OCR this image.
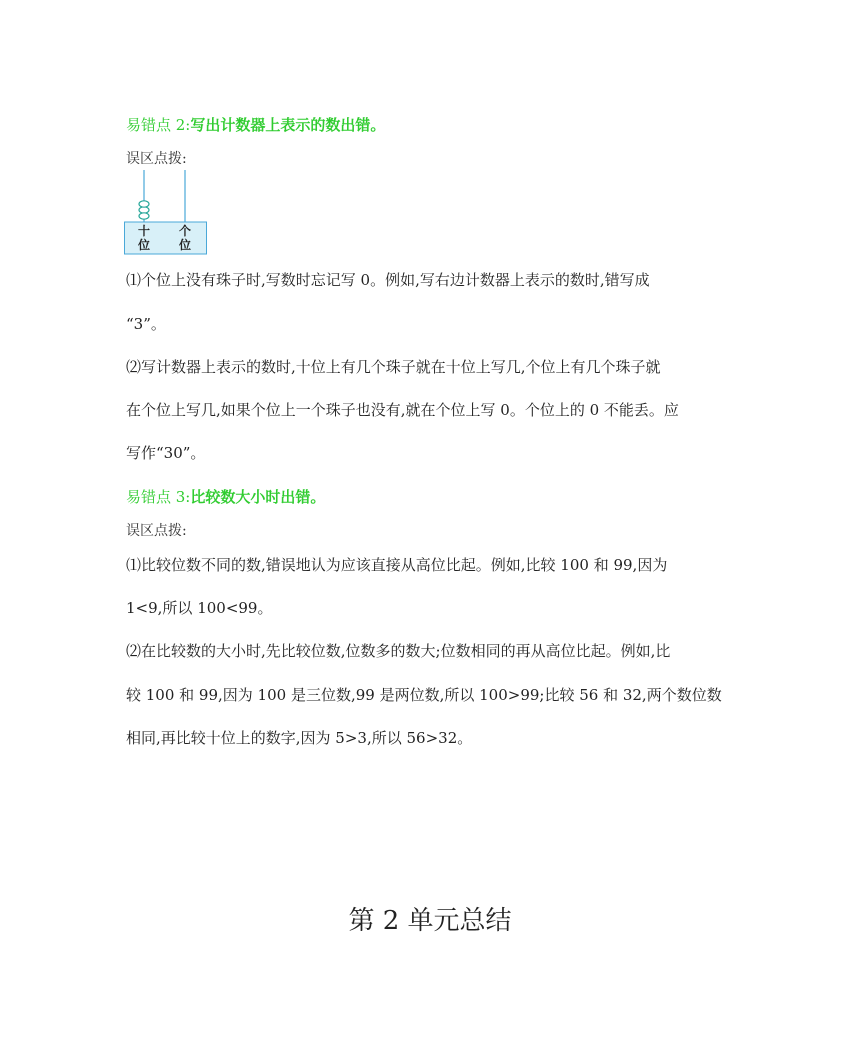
易错点 2:写出计数器上表示的数出错。
误区点拨:
十
位
个
位
⑴个位上没有珠子时,写数时忘记写 0。例如,写右边计数器上表示的数时,错写成
“3”。
⑵写计数器上表示的数时,十位上有几个珠子就在十位上写几,个位上有几个珠子就
在个位上写几,如果个位上一个珠子也没有,就在个位上写 0。个位上的 0 不能丢。应
写作“30”。
易错点 3:比较数大小时出错。
误区点拨:
⑴比较位数不同的数,错误地认为应该直接从高位比起。例如,比较 100 和 99,因为
1<9,所以 100<99。
⑵在比较数的大小时,先比较位数,位数多的数大;位数相同的再从高位比起。例如,比
较 100 和 99,因为 100 是三位数,99 是两位数,所以 100>99;比较 56 和 32,两个数位数
相同,再比较十位上的数字,因为 5>3,所以 56>32。
第 2 单元总结
